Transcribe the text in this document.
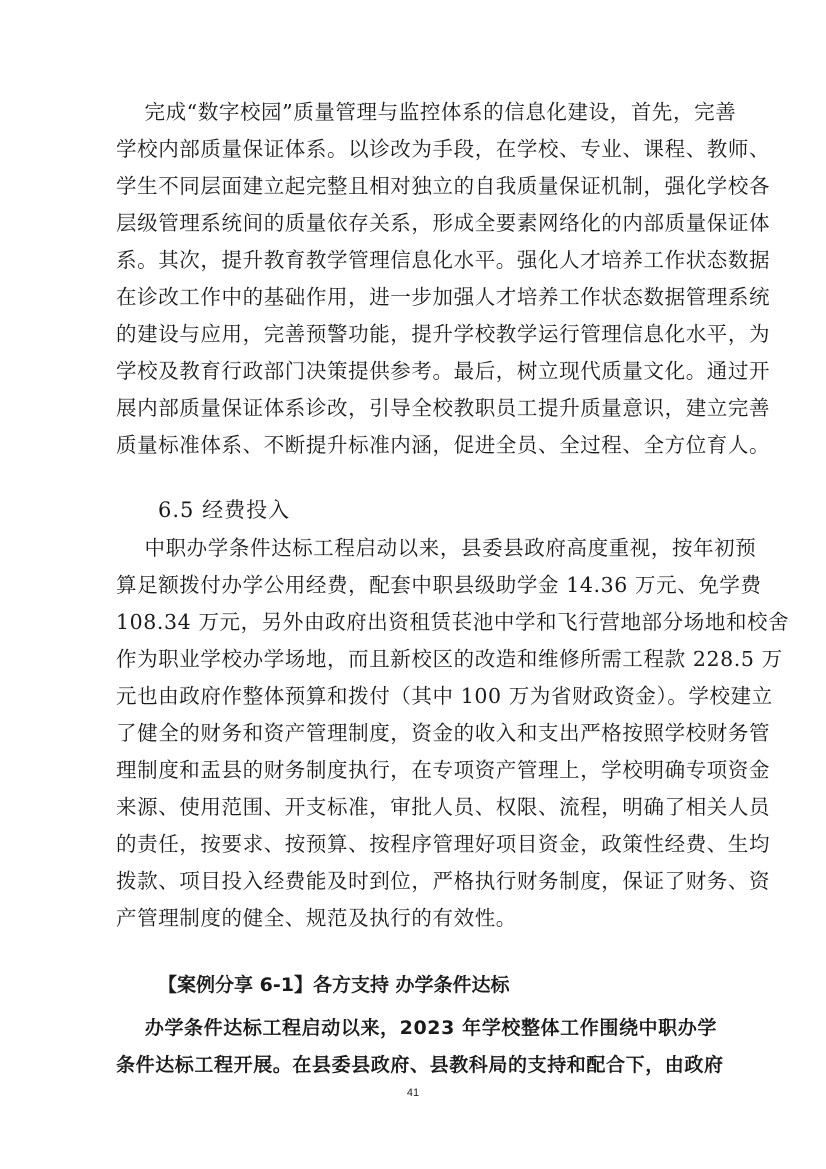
完成“数字校园”质量管理与监控体系的信息化建设，首先，完善
学校内部质量保证体系。以诊改为手段，在学校、专业、课程、教师、
学生不同层面建立起完整且相对独立的自我质量保证机制，强化学校各
层级管理系统间的质量依存关系，形成全要素网络化的内部质量保证体
系。其次，提升教育教学管理信息化水平。强化人才培养工作状态数据
在诊改工作中的基础作用，进一步加强人才培养工作状态数据管理系统
的建设与应用，完善预警功能，提升学校教学运行管理信息化水平，为
学校及教育行政部门决策提供参考。最后，树立现代质量文化。通过开
展内部质量保证体系诊改，引导全校教职员工提升质量意识，建立完善
质量标准体系、不断提升标准内涵，促进全员、全过程、全方位育人。
6.5 经费投入
中职办学条件达标工程启动以来，县委县政府高度重视，按年初预
算足额拨付办学公用经费，配套中职县级助学金 14.36 万元、免学费
108.34 万元，另外由政府出资租赁苌池中学和飞行营地部分场地和校舍
作为职业学校办学场地，而且新校区的改造和维修所需工程款 228.5 万
元也由政府作整体预算和拨付（其中 100 万为省财政资金）。学校建立
了健全的财务和资产管理制度，资金的收入和支出严格按照学校财务管
理制度和盂县的财务制度执行，在专项资产管理上，学校明确专项资金
来源、使用范围、开支标准，审批人员、权限、流程，明确了相关人员
的责任，按要求、按预算、按程序管理好项目资金，政策性经费、生均
拨款、项目投入经费能及时到位，严格执行财务制度，保证了财务、资
产管理制度的健全、规范及执行的有效性。
【案例分享 6-1】各方支持 办学条件达标
办学条件达标工程启动以来，2023 年学校整体工作围绕中职办学
条件达标工程开展。在县委县政府、县教科局的支持和配合下，由政府
41
